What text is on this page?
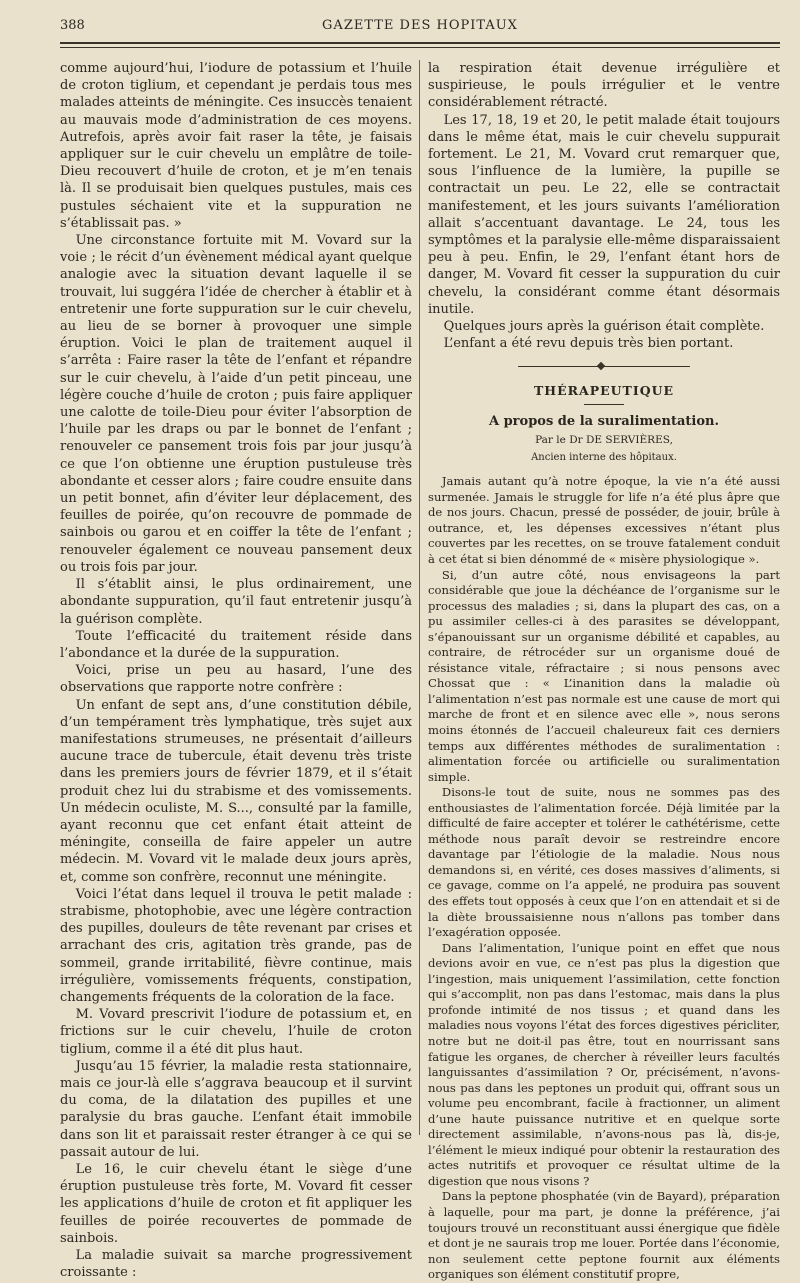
388	GAZETTE DES HOPITAUX

comme aujourd’hui, l’iodure de potassium et l’huile de croton tiglium, et cependant je perdais tous mes malades atteints de méningite. Ces insuccès tenaient au mauvais mode d’administration de ces moyens. Autrefois, après avoir fait raser la tête, je faisais appliquer sur le cuir chevelu un emplâtre de toile-Dieu recouvert d’huile de croton, et je m’en tenais là. Il se produisait bien quelques pustules, mais ces pustules séchaient vite et la suppuration ne s’établissait pas. »

Une circonstance fortuite mit M. Vovard sur la voie ; le récit d’un évènement médical ayant quelque analogie avec la situation devant laquelle il se trouvait, lui suggéra l’idée de chercher à établir et à entretenir une forte suppuration sur le cuir chevelu, au lieu de se borner à provoquer une simple éruption. Voici le plan de traitement auquel il s’arrêta : Faire raser la tête de l’enfant et répandre sur le cuir chevelu, à l’aide d’un petit pinceau, une légère couche d’huile de croton ; puis faire appliquer une calotte de toile-Dieu pour éviter l’absorption de l’huile par les draps ou par le bonnet de l’enfant ; renouveler ce pansement trois fois par jour jusqu’à ce que l’on obtienne une éruption pustuleuse très abondante et cesser alors ; faire coudre ensuite dans un petit bonnet, afin d’éviter leur déplacement, des feuilles de poirée, qu’on recouvre de pommade de sainbois ou garou et en coiffer la tête de l’enfant ; renouveler également ce nouveau pansement deux ou trois fois par jour.

Il s’établit ainsi, le plus ordinairement, une abondante suppuration, qu’il faut entretenir jusqu’à la guérison complète.

Toute l’efficacité du traitement réside dans l’abondance et la durée de la suppuration.

Voici, prise un peu au hasard, l’une des observations que rapporte notre confrère :

Un enfant de sept ans, d’une constitution débile, d’un tempérament très lymphatique, très sujet aux manifestations strumeuses, ne présentait d’ailleurs aucune trace de tubercule, était devenu très triste dans les premiers jours de février 1879, et il s’était produit chez lui du strabisme et des vomissements. Un médecin oculiste, M. S..., consulté par la famille, ayant reconnu que cet enfant était atteint de méningite, conseilla de faire appeler un autre médecin. M. Vovard vit le malade deux jours après, et, comme son confrère, reconnut une méningite.

Voici l’état dans lequel il trouva le petit malade : strabisme, photophobie, avec une légère contraction des pupilles, douleurs de tête revenant par crises et arrachant des cris, agitation très grande, pas de sommeil, grande irritabilité, fièvre continue, mais irrégulière, vomissements fréquents, constipation, changements fréquents de la coloration de la face.

M. Vovard prescrivit l’iodure de potassium et, en frictions sur le cuir chevelu, l’huile de croton tiglium, comme il a été dit plus haut.

Jusqu’au 15 février, la maladie resta stationnaire, mais ce jour-là elle s’aggrava beaucoup et il survint du coma, de la dilatation des pupilles et une paralysie du bras gauche. L’enfant était immobile dans son lit et paraissait rester étranger à ce qui se passait autour de lui.

Le 16, le cuir chevelu étant le siège d’une éruption pustuleuse très forte, M. Vovard fit cesser les applications d’huile de croton et fit appliquer les feuilles de poirée recouvertes de pommade de sainbois.

La maladie suivait sa marche progressivement croissante :

la respiration était devenue irrégulière et suspirieuse, le pouls irrégulier et le ventre considérablement rétracté.

Les 17, 18, 19 et 20, le petit malade était toujours dans le même état, mais le cuir chevelu suppurait fortement. Le 21, M. Vovard crut remarquer que, sous l’influence de la lumière, la pupille se contractait un peu. Le 22, elle se contractait manifestement, et les jours suivants l’amélioration allait s’accentuant davantage. Le 24, tous les symptômes et la paralysie elle-même disparaissaient peu à peu. Enfin, le 29, l’enfant étant hors de danger, M. Vovard fit cesser la suppuration du cuir chevelu, la considérant comme étant désormais inutile.

Quelques jours après la guérison était complète.

L’enfant a été revu depuis très bien portant.

THÉRAPEUTIQUE
A propos de la suralimentation.
Par le Dr DE SERVIÈRES,
Ancien interne des hôpitaux.

Jamais autant qu’à notre époque, la vie n’a été aussi surmenée. Jamais le struggle for life n’a été plus âpre que de nos jours. Chacun, pressé de posséder, de jouir, brûle à outrance, et, les dépenses excessives n’étant plus couvertes par les recettes, on se trouve fatalement conduit à cet état si bien dénommé de « misère physiologique ».

Si, d’un autre côté, nous envisageons la part considérable que joue la déchéance de l’organisme sur le processus des maladies ; si, dans la plupart des cas, on a pu assimiler celles-ci à des parasites se développant, s’épanouissant sur un organisme débilité et capables, au contraire, de rétrocéder sur un organisme doué de résistance vitale, réfractaire ; si nous pensons avec Chossat que : « L’inanition dans la maladie où l’alimentation n’est pas normale est une cause de mort qui marche de front et en silence avec elle », nous serons moins étonnés de l’accueil chaleureux fait ces derniers temps aux différentes méthodes de suralimentation : alimentation forcée ou artificielle ou suralimentation simple.

Disons-le tout de suite, nous ne sommes pas des enthousiastes de l’alimentation forcée. Déjà limitée par la difficulté de faire accepter et tolérer le cathétérisme, cette méthode nous paraît devoir se restreindre encore davantage par l’étiologie de la maladie. Nous nous demandons si, en vérité, ces doses massives d’aliments, si ce gavage, comme on l’a appelé, ne produira pas souvent des effets tout opposés à ceux que l’on en attendait et si de la diète broussaisienne nous n’allons pas tomber dans l’exagération opposée.

Dans l’alimentation, l’unique point en effet que nous devions avoir en vue, ce n’est pas plus la digestion que l’ingestion, mais uniquement l’assimilation, cette fonction qui s’accomplit, non pas dans l’estomac, mais dans la plus profonde intimité de nos tissus ; et quand dans les maladies nous voyons l’état des forces digestives péricliter, notre but ne doit-il pas être, tout en nourrissant sans fatigue les organes, de chercher à réveiller leurs facultés languissantes d’assimilation ? Or, précisément, n’avons-nous pas dans les peptones un produit qui, offrant sous un volume peu encombrant, facile à fractionner, un aliment d’une haute puissance nutritive et en quelque sorte directement assimilable, n’avons-nous pas là, dis-je, l’élément le mieux indiqué pour obtenir la restauration des actes nutritifs et provoquer ce résultat ultime de la digestion que nous visons ?

Dans la peptone phosphatée (vin de Bayard), préparation à laquelle, pour ma part, je donne la préférence, j’ai toujours trouvé un reconstituant aussi énergique que fidèle et dont je ne saurais trop me louer. Portée dans l’économie, non seulement cette peptone fournit aux éléments organiques son élément constitutif propre,
